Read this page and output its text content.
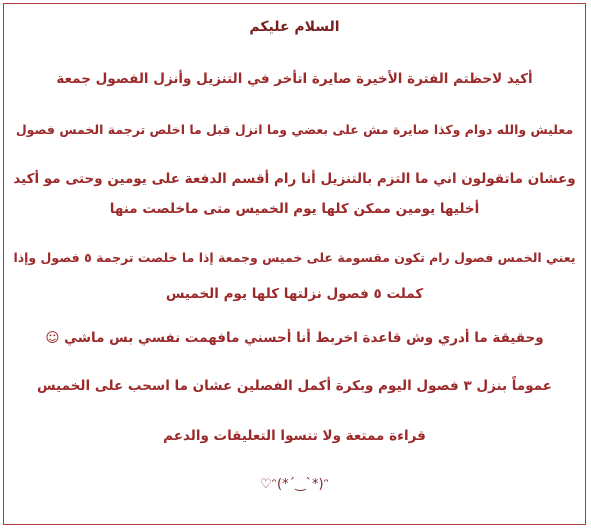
السلام عليكم
أكيد لاحظتم الفترة الأخيرة صايرة اتأخر في التنزيل وأنزل الفصول جمعة
معليش والله دوام وكذا صايرة مش على بعضي وما انزل قبل ما اخلص ترجمة الخمس فصول
وعشان ماتقولون اني ما التزم بالتنزيل أنا رام أقسم الدفعة على يومين وحتى مو أكيد
أخليها يومين ممكن كلها يوم الخميس متى ماخلصت منها
يعني الخمس فصول رام تكون مقسومة على خميس وجمعة إذا ما خلصت ترجمة ٥ فصول وإذا
كملت ٥ فصول نزلتها كلها يوم الخميس
وحقيقة ما أدري وش قاعدة اخربط أنا أحسني مافهمت نفسي بس ماشي ☺
عموماً بنزل ٣ فصول اليوم وبكرة أكمل الفصلين عشان ما اسحب على الخميس
قراءة ممتعة ولا تنسوا التعليقات والدعم
♡ᵔ(*´‿`*)ᵔ
